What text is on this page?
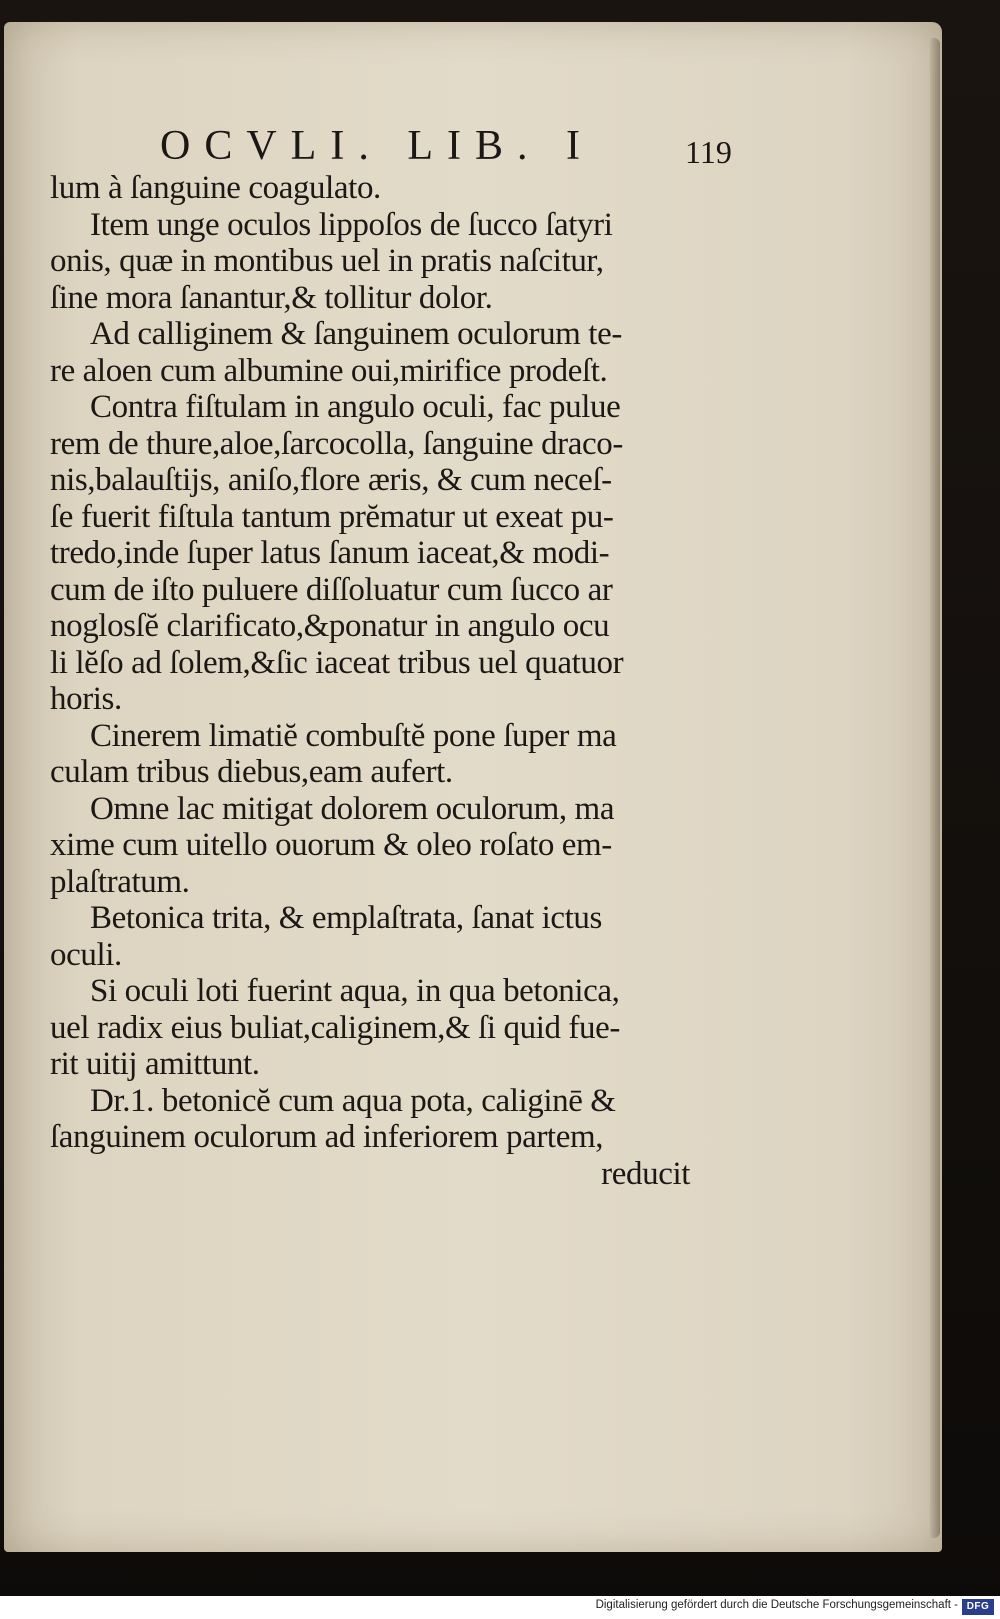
OCVLI. LIB. I	119
lum à ſanguine coagulato.
Item unge oculos lippoſos de ſucco ſatyri
onis, quæ in montibus uel in pratis naſcitur,
ſine mora ſanantur,& tollitur dolor.
Ad calliginem & ſanguinem oculorum te-
re aloen cum albumine oui,mirifice prodeſt.
Contra fiſtulam in angulo oculi, fac pulue
rem de thure,aloe,ſarcocolla, ſanguine draco-
nis,balauſtijs, aniſo,flore æris, & cum neceſ-
ſe fuerit fiſtula tantum prĕmatur ut exeat pu-
tredo,inde ſuper latus ſanum iaceat,& modi-
cum de iſto puluere diſſoluatur cum ſucco ar
noglosſĕ clarificato,&ponatur in angulo ocu
li lĕſo ad ſolem,&ſic iaceat tribus uel quatuor
horis.
Cinerem limatiĕ combuſtĕ pone ſuper ma
culam tribus diebus,eam aufert.
Omne lac mitigat dolorem oculorum, ma
xime cum uitello ouorum & oleo roſato em-
plaſtratum.
Betonica trita, & emplaſtrata, ſanat ictus
oculi.
Si oculi loti fuerint aqua, in qua betonica,
uel radix eius buliat,caliginem,& ſi quid fue-
rit uitij amittunt.
Dr.1. betonicĕ cum aqua pota, caliginē &
ſanguinem oculorum ad inferiorem partem,
reducit
Digitalisierung gefördert durch die Deutsche Forschungsgemeinschaft - DFG
